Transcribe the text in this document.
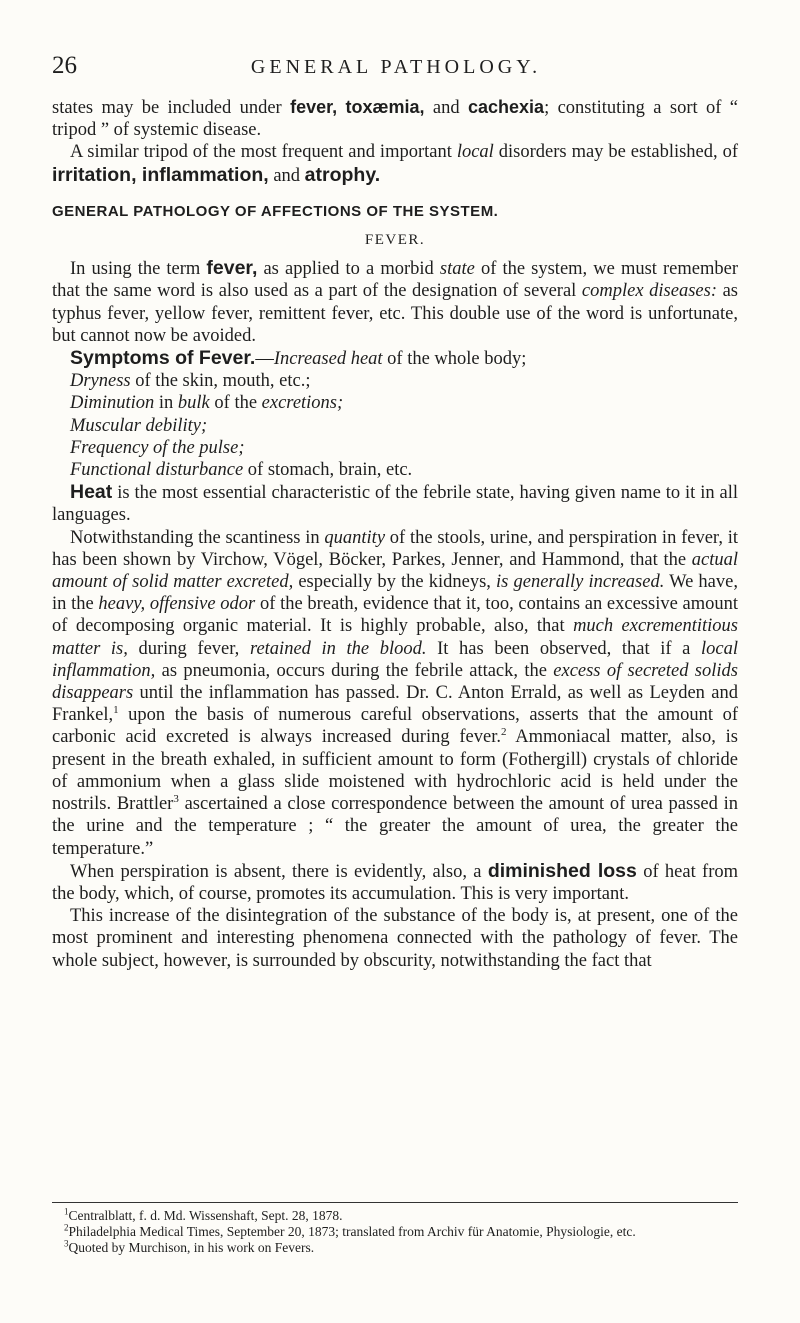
26	GENERAL PATHOLOGY.

states may be included under fever, toxæmia, and cachexia; constituting a sort of “ tripod ” of systemic disease.

A similar tripod of the most frequent and important local disorders may be established, of irritation, inflammation, and atrophy.

GENERAL PATHOLOGY OF AFFECTIONS OF THE SYSTEM.
FEVER.

In using the term fever, as applied to a morbid state of the system, we must remember that the same word is also used as a part of the designation of several complex diseases: as typhus fever, yellow fever, remittent fever, etc. This double use of the word is unfortunate, but cannot now be avoided.

Symptoms of Fever.—Increased heat of the whole body;

Dryness of the skin, mouth, etc.;

Diminution in bulk of the excretions;

Muscular debility;

Frequency of the pulse;

Functional disturbance of stomach, brain, etc.

Heat is the most essential characteristic of the febrile state, having given name to it in all languages.

Notwithstanding the scantiness in quantity of the stools, urine, and perspiration in fever, it has been shown by Virchow, Vögel, Böcker, Parkes, Jenner, and Hammond, that the actual amount of solid matter excreted, especially by the kidneys, is generally increased. We have, in the heavy, offensive odor of the breath, evidence that it, too, contains an excessive amount of decomposing organic material. It is highly probable, also, that much excrementitious matter is, during fever, retained in the blood. It has been observed, that if a local inflammation, as pneumonia, occurs during the febrile attack, the excess of secreted solids disappears until the inflammation has passed. Dr. C. Anton Errald, as well as Leyden and Frankel,$^1$ upon the basis of numerous careful observations, asserts that the amount of carbonic acid excreted is always increased during fever.$^2$ Ammoniacal matter, also, is present in the breath exhaled, in sufficient amount to form (Fothergill) crystals of chloride of ammonium when a glass slide moistened with hydrochloric acid is held under the nostrils. Brattler$^3$ ascertained a close correspondence between the amount of urea passed in the urine and the temperature ; “ the greater the amount of urea, the greater the temperature.”

When perspiration is absent, there is evidently, also, a diminished loss of heat from the body, which, of course, promotes its accumulation. This is very important.

This increase of the disintegration of the substance of the body is, at present, one of the most prominent and interesting phenomena connected with the pathology of fever. The whole subject, however, is surrounded by obscurity, notwithstanding the fact that

$^1$Centralblatt, f. d. Md. Wissenshaft, Sept. 28, 1878.

$^2$Philadelphia Medical Times, September 20, 1873; translated from Archiv für Anatomie, Physiologie, etc.

$^3$Quoted by Murchison, in his work on Fevers.
